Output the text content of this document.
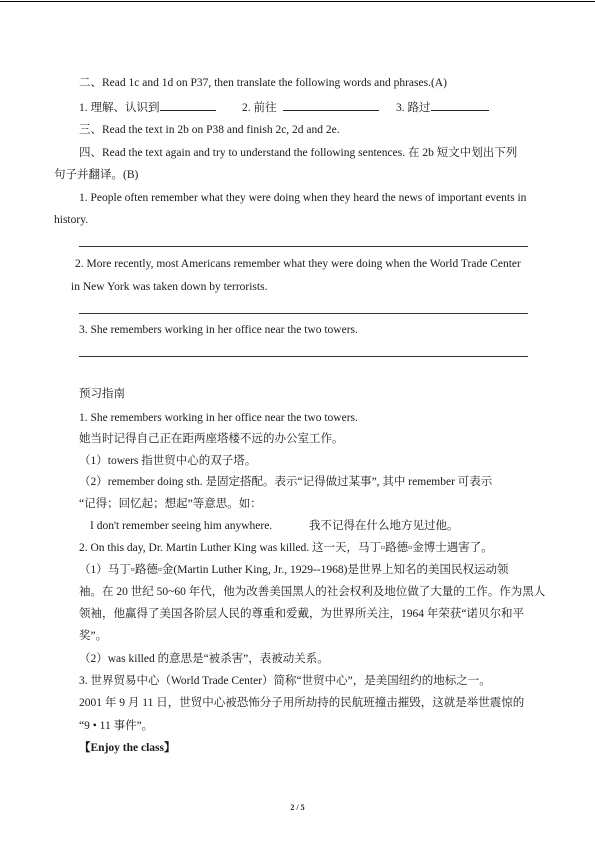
二、Read 1c and 1d on P37, then translate the following words and phrases.(A)
1. 理解、认识到	2. 前往	3. 路过
三、Read the text in 2b on P38 and finish 2c, 2d and 2e.
四、Read the text again and try to understand the following sentences. 在 2b 短文中划出下列
句子并翻译。(B)
1. People often remember what they were doing when they heard the news of important events in
history.
2. More recently, most Americans remember what they were doing when the World Trade Center
in New York was taken down by terrorists.
3. She remembers working in her office near the two towers.
预习指南
1. She remembers working in her office near the two towers.
她当时记得自己正在距两座塔楼不远的办公室工作。
（1）towers 指世贸中心的双子塔。
（2）remember doing sth. 是固定搭配。表示“记得做过某事”, 其中 remember 可表示
“记得；回忆起；想起”等意思。如：
I don't remember seeing him anywhere.	我不记得在什么地方见过他。
2. On this day, Dr. Martin Luther King was killed. 这一天，马丁▫路德▫金博士遇害了。
（1）马丁▫路德▫金(Martin Luther King, Jr., 1929--1968)是世界上知名的美国民权运动领
袖。在 20 世纪 50~60 年代，他为改善美国黑人的社会权利及地位做了大量的工作。作为黑人
领袖，他赢得了美国各阶层人民的尊重和爱戴，为世界所关注，1964 年荣获“诺贝尔和平
奖”。
（2）was killed 的意思是“被杀害”，表被动关系。
3. 世界贸易中心（World Trade Center）简称“世贸中心”，是美国纽约的地标之一。
2001 年 9 月 11 日，世贸中心被恐怖分子用所劫持的民航班撞击摧毁，这就是举世震惊的
“9 • 11 事件”。
【Enjoy the class】
2 / 5
